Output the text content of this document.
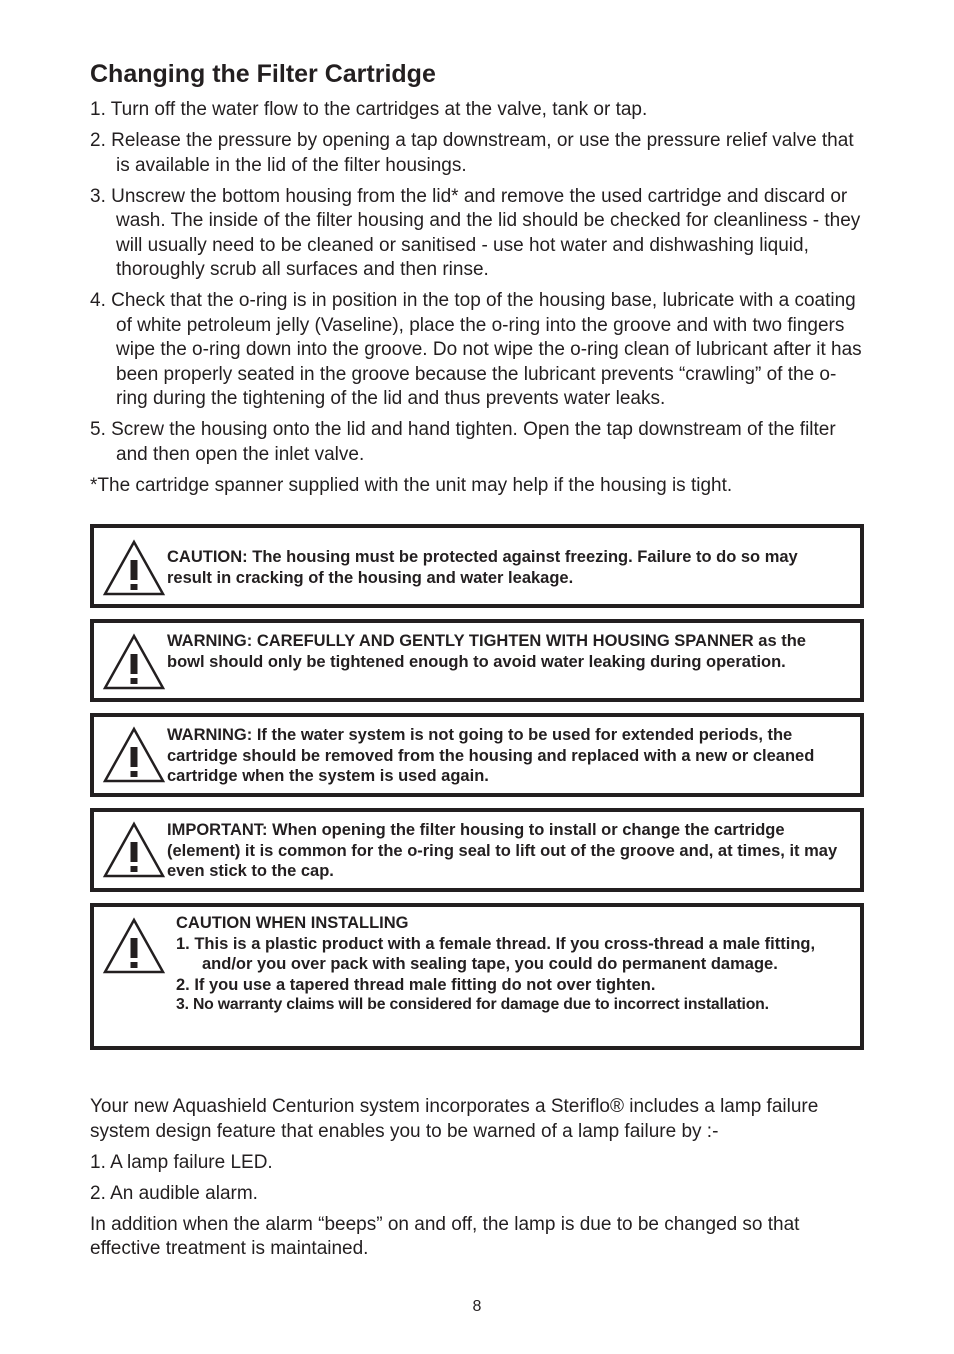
Changing the Filter Cartridge

1. Turn off the water flow to the cartridges at the valve, tank or tap.

2. Release the pressure by opening a tap downstream, or use the pressure relief valve that is available in the lid of the filter housings.

3. Unscrew the bottom housing from the lid* and remove the used cartridge and discard or wash. The inside of the filter housing and the lid should be checked for cleanliness - they will usually need to be cleaned or sanitised - use hot water and dishwashing liquid, thoroughly scrub all surfaces and then rinse.

4. Check that the o-ring is in position in the top of the housing base, lubricate with a coating of white petroleum jelly (Vaseline), place the o-ring into the groove and with two fingers wipe the o-ring down into the groove. Do not wipe the o-ring clean of lubricant after it has been properly seated in the groove because the lubricant prevents “crawling” of the o-ring during the tightening of the lid and thus prevents water leaks.

5. Screw the housing onto the lid and hand tighten. Open the tap downstream of the filter and then open the inlet valve.

*The cartridge spanner supplied with the unit may help if the housing is tight.

CAUTION: The housing must be protected against freezing. Failure to do so may result in cracking of the housing and water leakage.

WARNING: CAREFULLY AND GENTLY TIGHTEN WITH HOUSING SPANNER as the bowl should only be tightened enough to avoid water leaking during operation.

WARNING: If the water system is not going to be used for extended periods, the cartridge should be removed from the housing and replaced with a new or cleaned cartridge when the system is used again.

IMPORTANT: When opening the filter housing to install or change the cartridge (element) it is common for the o-ring seal to lift out of the groove and, at times, it may even stick to the cap.

CAUTION WHEN INSTALLING

1. This is a plastic product with a female thread. If you cross-thread a male fitting, and/or you over pack with sealing tape, you could do permanent damage.

2. If you use a tapered thread male fitting do not over tighten.

3. No warranty claims will be considered for damage due to incorrect installation.

Your new Aquashield Centurion system incorporates a Steriflo® includes a lamp failure system design feature that enables you to be warned of a lamp failure by :-

1. A lamp failure LED.

2. An audible alarm.

In addition when the alarm “beeps” on and off, the lamp is due to be changed so that effective treatment is maintained.

8
